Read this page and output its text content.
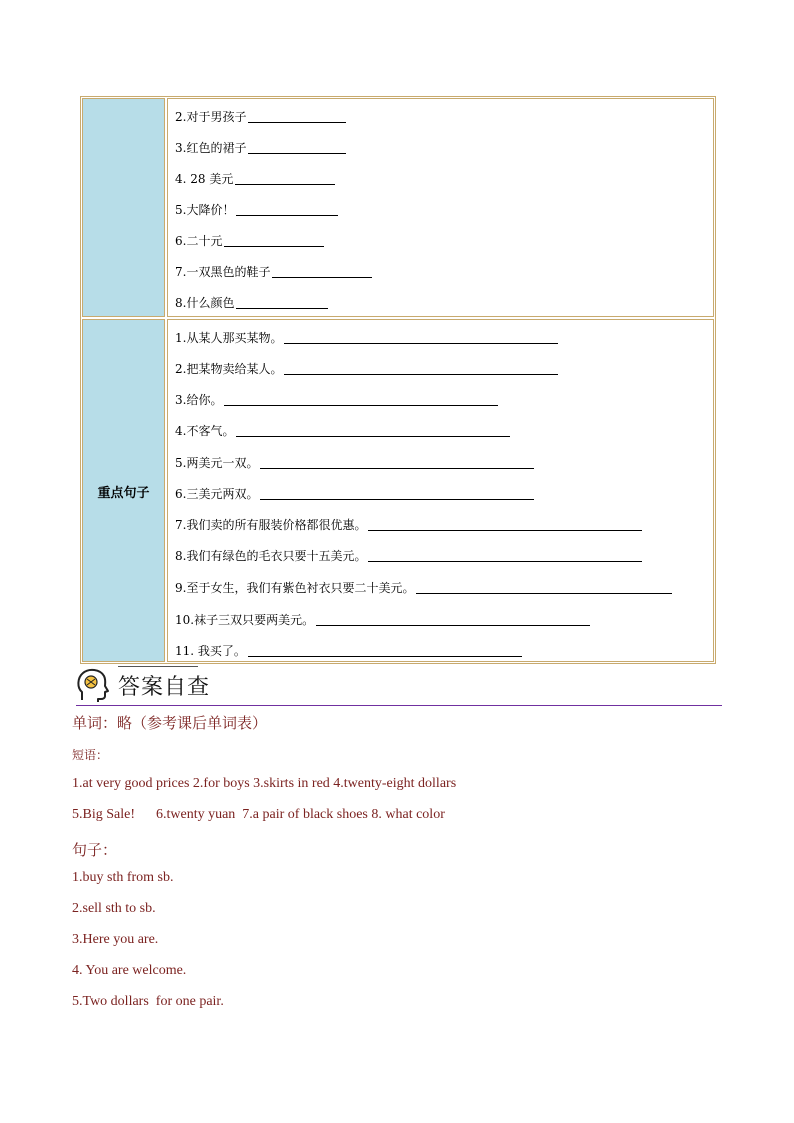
重点句子
2.对于男孩子
3.红色的裙子
4. 28 美元
5.大降价！
6.二十元
7.一双黑色的鞋子
8.什么颜色
1.从某人那买某物。
2.把某物卖给某人。
3.给你。
4.不客气。
5.两美元一双。
6.三美元两双。
7.我们卖的所有服装价格都很优惠。
8.我们有绿色的毛衣只要十五美元。
9.至于女生，我们有紫色衬衣只要二十美元。
10.袜子三双只要两美元。
11. 我买了。
答案自查
单词：略（参考课后单词表）
短语：
1.at very good prices 2.for boys 3.skirts in red 4.twenty-eight dollars
5.Big Sale!      6.twenty yuan  7.a pair of black shoes 8. what color
句子：
1.buy sth from sb.
2.sell sth to sb.
3.Here you are.
4. You are welcome.
5.Two dollars  for one pair.
